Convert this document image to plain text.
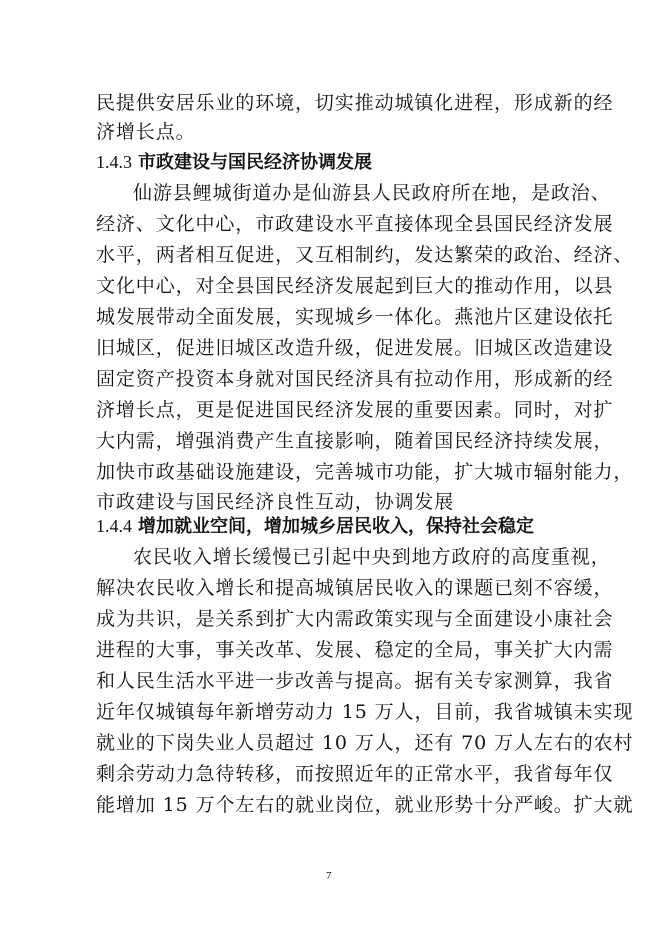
1.4.3 市政建设与国民经济协调发展
1.4.4 增加就业空间，增加城乡居民收入，保持社会稳定
民提供安居乐业的环境，切实推动城镇化进程，形成新的经
济增长点。
仙游县鲤城街道办是仙游县人民政府所在地，是政治、
经济、文化中心，市政建设水平直接体现全县国民经济发展
水平，两者相互促进，又互相制约，发达繁荣的政治、经济、
文化中心，对全县国民经济发展起到巨大的推动作用，以县
城发展带动全面发展，实现城乡一体化。燕池片区建设依托
旧城区，促进旧城区改造升级，促进发展。旧城区改造建设
固定资产投资本身就对国民经济具有拉动作用，形成新的经
济增长点，更是促进国民经济发展的重要因素。同时，对扩
大内需，增强消费产生直接影响，随着国民经济持续发展，
加快市政基础设施建设，完善城市功能，扩大城市辐射能力，
市政建设与国民经济良性互动，协调发展
农民收入增长缓慢已引起中央到地方政府的高度重视，
解决农民收入增长和提高城镇居民收入的课题已刻不容缓，
成为共识，是关系到扩大内需政策实现与全面建设小康社会
进程的大事，事关改革、发展、稳定的全局，事关扩大内需
和人民生活水平进一步改善与提高。据有关专家测算，我省
近年仅城镇每年新增劳动力 15 万人，目前，我省城镇未实现
就业的下岗失业人员超过 10 万人，还有 70 万人左右的农村
剩余劳动力急待转移，而按照近年的正常水平，我省每年仅
能增加 15 万个左右的就业岗位，就业形势十分严峻。扩大就
7
